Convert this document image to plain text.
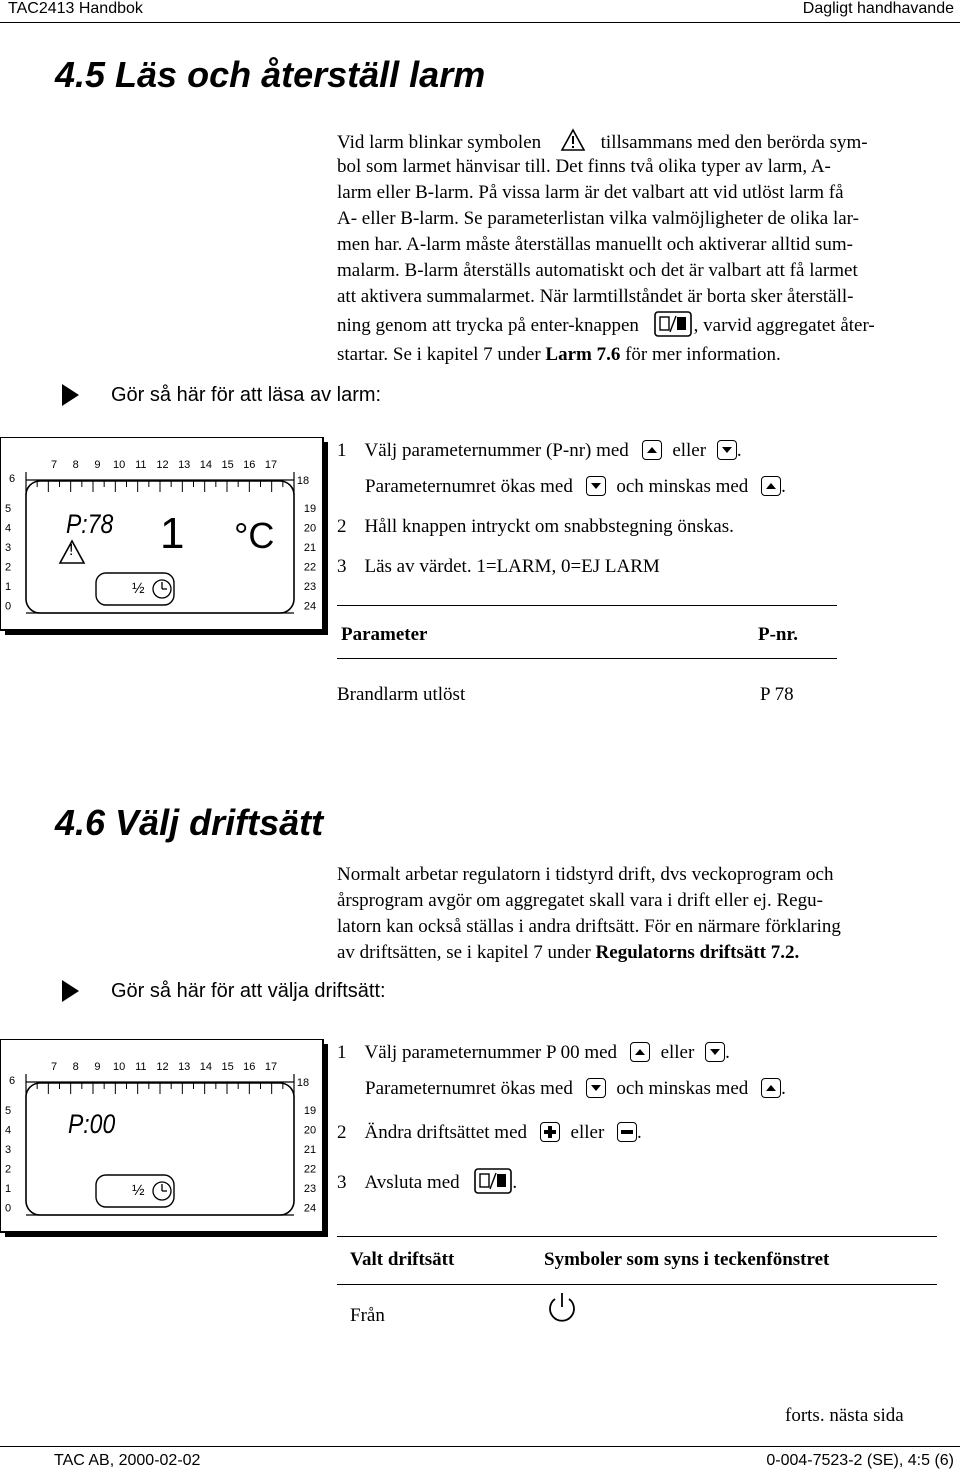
TAC2413 Handbok	Dagligt handhavande
4.5 Läs och återställ larm
Vid larm blinkar symbolen	tillsammans med den berörda sym-
bol som larmet hänvisar till. Det finns två olika typer av larm, A-
larm eller B-larm. På vissa larm är det valbart att vid utlöst larm få
A- eller B-larm. Se parameterlistan vilka valmöjligheter de olika lar-
men har. A-larm måste återställas manuellt och aktiverar alltid sum-
malarm. B-larm återställs automatiskt och det är valbart att få larmet
att aktivera summalarmet. När larmtillståndet är borta sker återställ-
ning genom att trycka på enter-knappen	, varvid aggregatet åter-
startar. Se i kapitel 7 under Larm 7.6 för mer information.
Gör så här för att läsa av larm:
7 8 9 10 11 12 13 14 15 16 17
6
5
4
3
2
1
0
18
19
20
21
22
23
24
P:78 1 °C
!
½
1 Välj parameternummer (P-nr) med eller .
Parameternumret ökas med och minskas med .
2 Håll knappen intryckt om snabbstegning önskas.
3 Läs av värdet. 1=LARM, 0=EJ LARM
Parameter	P-nr.
Brandlarm utlöst	P 78
4.6 Välj driftsätt
Normalt arbetar regulatorn i tidstyrd drift, dvs veckoprogram och
årsprogram avgör om aggregatet skall vara i drift eller ej. Regu-
latorn kan också ställas i andra driftsätt. För en närmare förklaring
av driftsätten, se i kapitel 7 under Regulatorns driftsätt 7.2.
Gör så här för att välja driftsätt:
7 8 9 10 11 12 13 14 15 16 17
6
5
4
3
2
1
0
18
19
20
21
22
23
24
P:00
½
1 Välj parameternummer P 00 med eller .
Parameternumret ökas med och minskas med .
2 Ändra driftsättet med eller .
3 Avsluta med	.
Valt driftsätt	Symboler som syns i teckenfönstret
Från
forts. nästa sida
TAC AB, 2000-02-02	0-004-7523-2 (SE), 4:5 (6)
